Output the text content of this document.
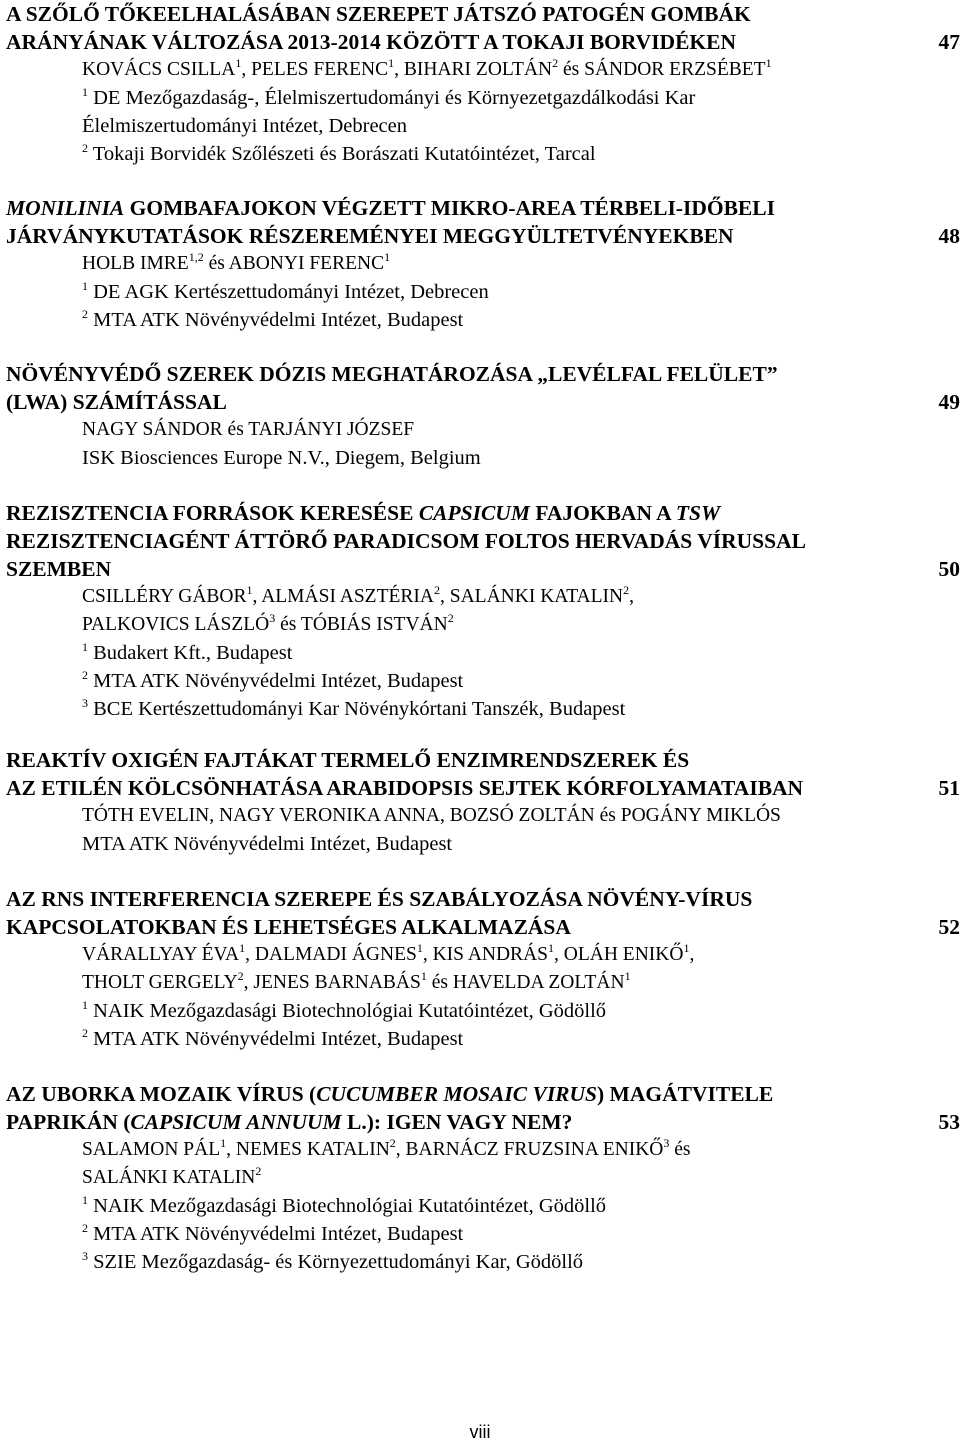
A SZŐLŐ TŐKEELHALÁSÁBAN SZEREPET JÁTSZÓ PATOGÉN GOMBÁK
ARÁNYÁNAK VÁLTOZÁSA 2013-2014 KÖZÖTT A TOKAJI BORVIDÉKEN	47
KOVÁCS CSILLA$^1$, PELES FERENC$^1$, BIHARI ZOLTÁN$^2$ és SÁNDOR ERZSÉBET$^1$
$^1$ DE Mezőgazdaság-, Élelmiszertudományi és Környezetgazdálkodási Kar
Élelmiszertudományi Intézet, Debrecen
$^2$ Tokaji Borvidék Szőlészeti és Borászati Kutatóintézet, Tarcal
MONILINIA GOMBAFAJOKON VÉGZETT MIKRO-AREA TÉRBELI-IDŐBELI
JÁRVÁNYKUTATÁSOK RÉSZEREMÉNYEI MEGGYÜLTETVÉNYEKBEN	48
HOLB IMRE$^{1,2}$ és ABONYI FERENC$^1$
$^1$ DE AGK Kertészettudományi Intézet, Debrecen
$^2$ MTA ATK Növényvédelmi Intézet, Budapest
NÖVÉNYVÉDŐ SZEREK DÓZIS MEGHATÁROZÁSA „LEVÉLFAL FELÜLET”
(LWA) SZÁMÍTÁSSAL	49
NAGY SÁNDOR és TARJÁNYI JÓZSEF
ISK Biosciences Europe N.V., Diegem, Belgium
REZISZTENCIA FORRÁSOK KERESÉSE CAPSICUM FAJOKBAN A TSW
REZISZTENCIAGÉNT ÁTTÖRŐ PARADICSOM FOLTOS HERVADÁS VÍRUSSAL
SZEMBEN	50
CSILLÉRY GÁBOR$^1$, ALMÁSI ASZTÉRIA$^2$, SALÁNKI KATALIN$^2$,
PALKOVICS LÁSZLÓ$^3$ és TÓBIÁS ISTVÁN$^2$
$^1$ Budakert Kft., Budapest
$^2$ MTA ATK Növényvédelmi Intézet, Budapest
$^3$ BCE Kertészettudományi Kar Növénykórtani Tanszék, Budapest
REAKTÍV OXIGÉN FAJTÁKAT TERMELŐ ENZIMRENDSZEREK ÉS
AZ ETILÉN KÖLCSÖNHATÁSA ARABIDOPSIS SEJTEK KÓRFOLYAMATAIBAN	51
TÓTH EVELIN, NAGY VERONIKA ANNA, BOZSÓ ZOLTÁN és POGÁNY MIKLÓS
MTA ATK Növényvédelmi Intézet, Budapest
AZ RNS INTERFERENCIA SZEREPE ÉS SZABÁLYOZÁSA NÖVÉNY-VÍRUS
KAPCSOLATOKBAN ÉS LEHETSÉGES ALKALMAZÁSA	52
VÁRALLYAY ÉVA$^1$, DALMADI ÁGNES$^1$, KIS ANDRÁS$^1$, OLÁH ENIKŐ$^1$,
THOLT GERGELY$^2$, JENES BARNABÁS$^1$ és HAVELDA ZOLTÁN$^1$
$^1$ NAIK Mezőgazdasági Biotechnológiai Kutatóintézet, Gödöllő
$^2$ MTA ATK Növényvédelmi Intézet, Budapest
AZ UBORKA MOZAIK VÍRUS (CUCUMBER MOSAIC VIRUS) MAGÁTVITELE
PAPRIKÁN (CAPSICUM ANNUUM L.): IGEN VAGY NEM?	53
SALAMON PÁL$^1$, NEMES KATALIN$^2$, BARNÁCZ FRUZSINA ENIKŐ$^3$ és
SALÁNKI KATALIN$^2$
$^1$ NAIK Mezőgazdasági Biotechnológiai Kutatóintézet, Gödöllő
$^2$ MTA ATK Növényvédelmi Intézet, Budapest
$^3$ SZIE Mezőgazdaság- és Környezettudományi Kar, Gödöllő
viii
